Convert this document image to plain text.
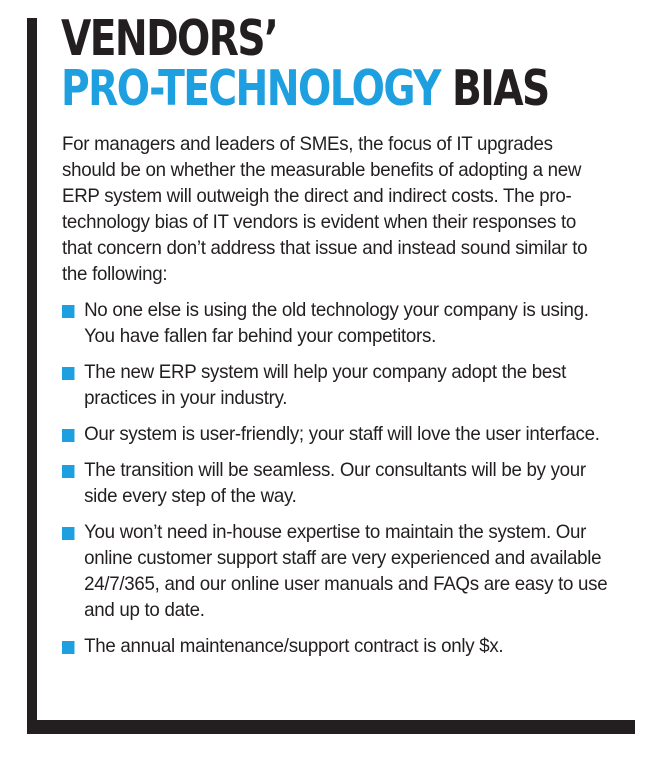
VENDORS’
PRO-TECHNOLOGY BIAS

For managers and leaders of SMEs, the focus of IT upgrades should be on whether the measurable benefits of adopting a new ERP system will outweigh the direct and indirect costs. The pro-technology bias of IT vendors is evident when their responses to that concern don’t address that issue and instead sound similar to the following:

No one else is using the old technology your company is using. You have fallen far behind your competitors.
The new ERP system will help your company adopt the best practices in your industry.
Our system is user-friendly; your staff will love the user interface.
The transition will be seamless. Our consultants will be by your side every step of the way.
You won’t need in-house expertise to maintain the system. Our online customer support staff are very experienced and available 24/7/365, and our online user manuals and FAQs are easy to use and up to date.
The annual maintenance/support contract is only $x.
